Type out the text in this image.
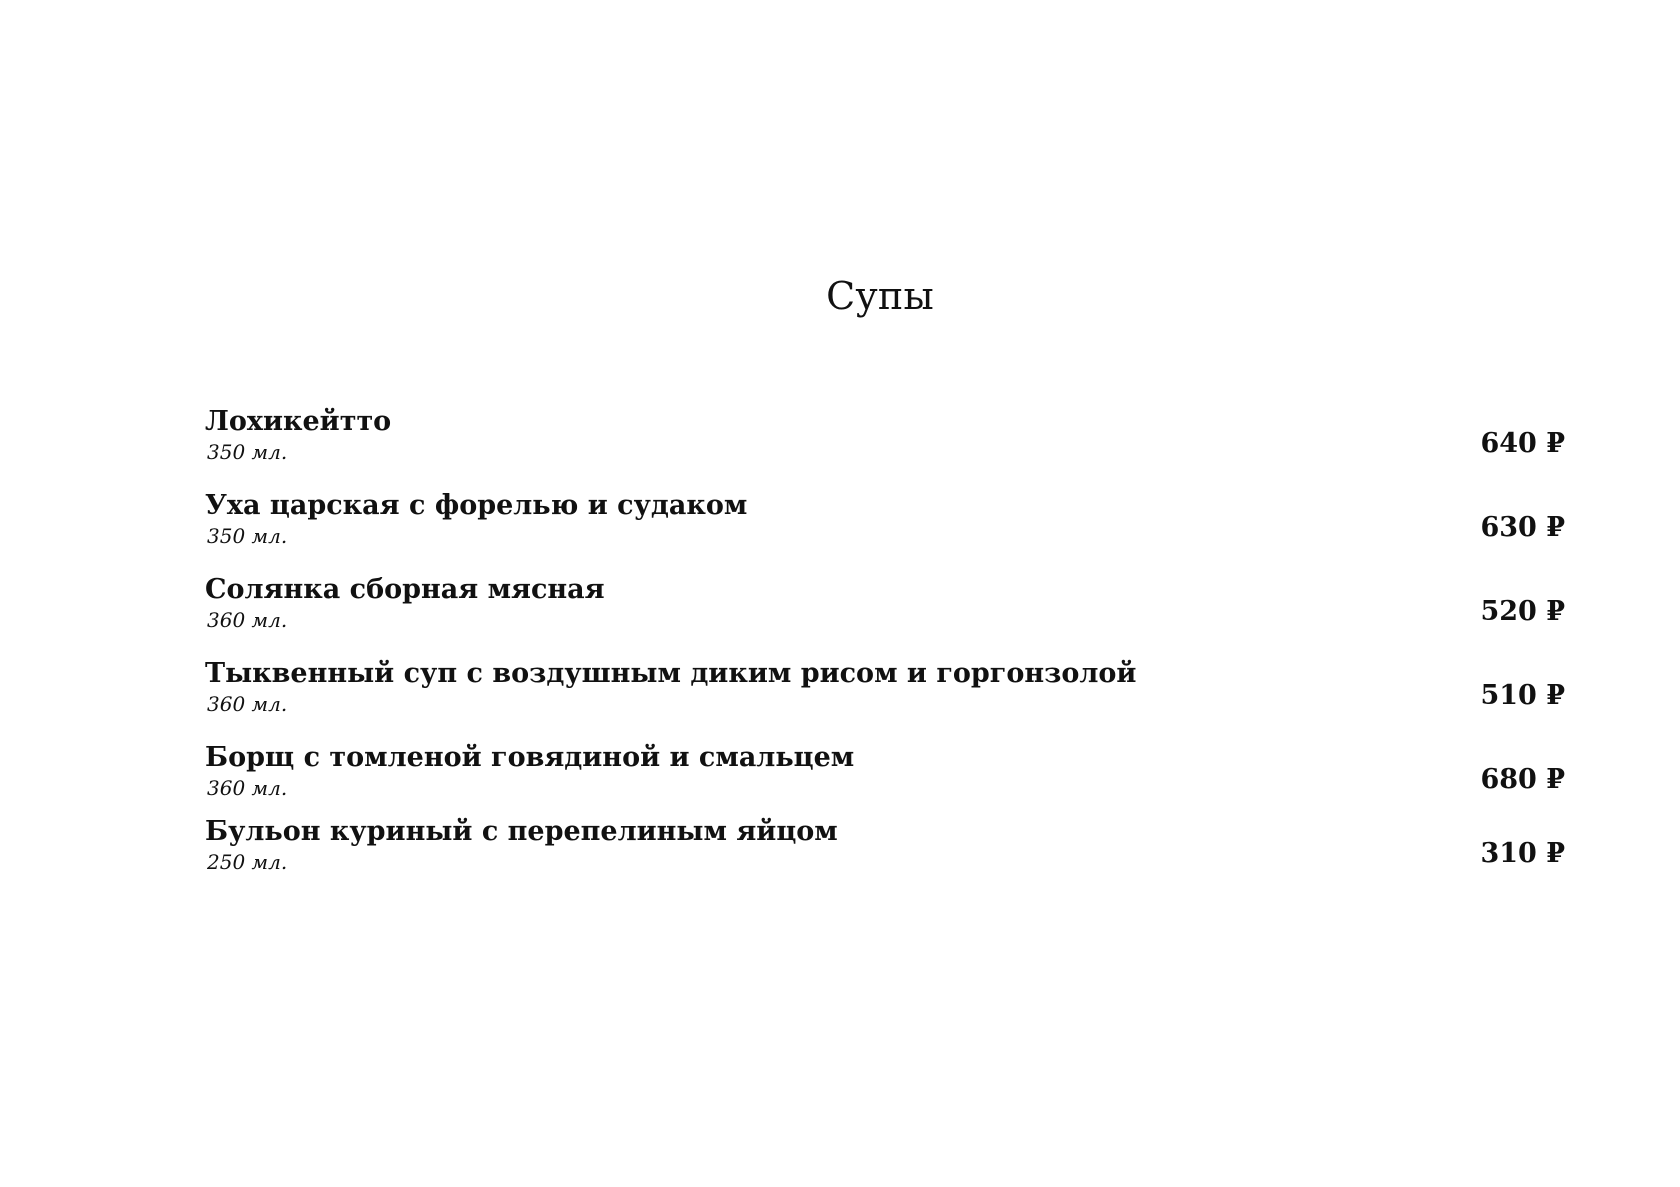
Супы
Лохикейтто
350 мл.	640 ₽
Уха царская с форелью и судаком
350 мл.	630 ₽
Солянка сборная мясная
360 мл.	520 ₽
Тыквенный суп с воздушным диким рисом и горгонзолой
360 мл.	510 ₽
Борщ с томленой говядиной и смальцем
360 мл.	680 ₽
Бульон куриный с перепелиным яйцом
250 мл.	310 ₽
